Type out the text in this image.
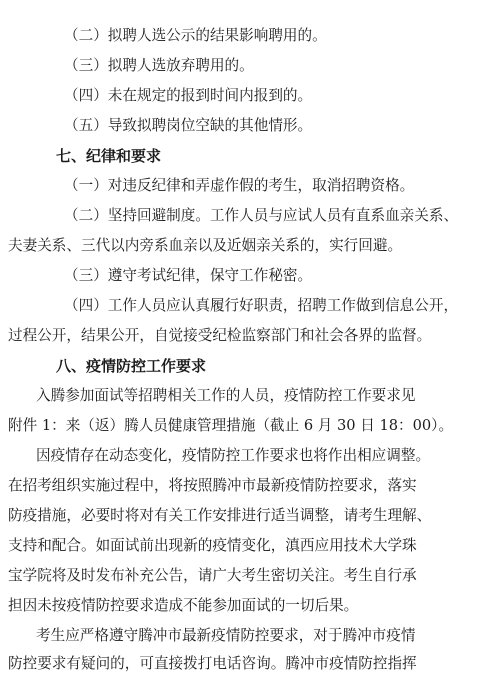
（二）拟聘人选公示的结果影响聘用的。
（三）拟聘人选放弃聘用的。
（四）未在规定的报到时间内报到的。
（五）导致拟聘岗位空缺的其他情形。
七、纪律和要求
（一）对违反纪律和弄虚作假的考生，取消招聘资格。
（二）坚持回避制度。工作人员与应试人员有直系血亲关系、
夫妻关系、三代以内旁系血亲以及近姻亲关系的，实行回避。
（三）遵守考试纪律，保守工作秘密。
（四）工作人员应认真履行好职责，招聘工作做到信息公开，
过程公开，结果公开，自觉接受纪检监察部门和社会各界的监督。
八、疫情防控工作要求
入腾参加面试等招聘相关工作的人员，疫情防控工作要求见
附件 1：来（返）腾人员健康管理措施（截止 6 月 30 日 18：00）。
因疫情存在动态变化，疫情防控工作要求也将作出相应调整。
在招考组织实施过程中，将按照腾冲市最新疫情防控要求，落实
防疫措施，必要时将对有关工作安排进行适当调整，请考生理解、
支持和配合。如面试前出现新的疫情变化，滇西应用技术大学珠
宝学院将及时发布补充公告，请广大考生密切关注。考生自行承
担因未按疫情防控要求造成不能参加面试的一切后果。
考生应严格遵守腾冲市最新疫情防控要求，对于腾冲市疫情
防控要求有疑问的，可直接拨打电话咨询。腾冲市疫情防控指挥
